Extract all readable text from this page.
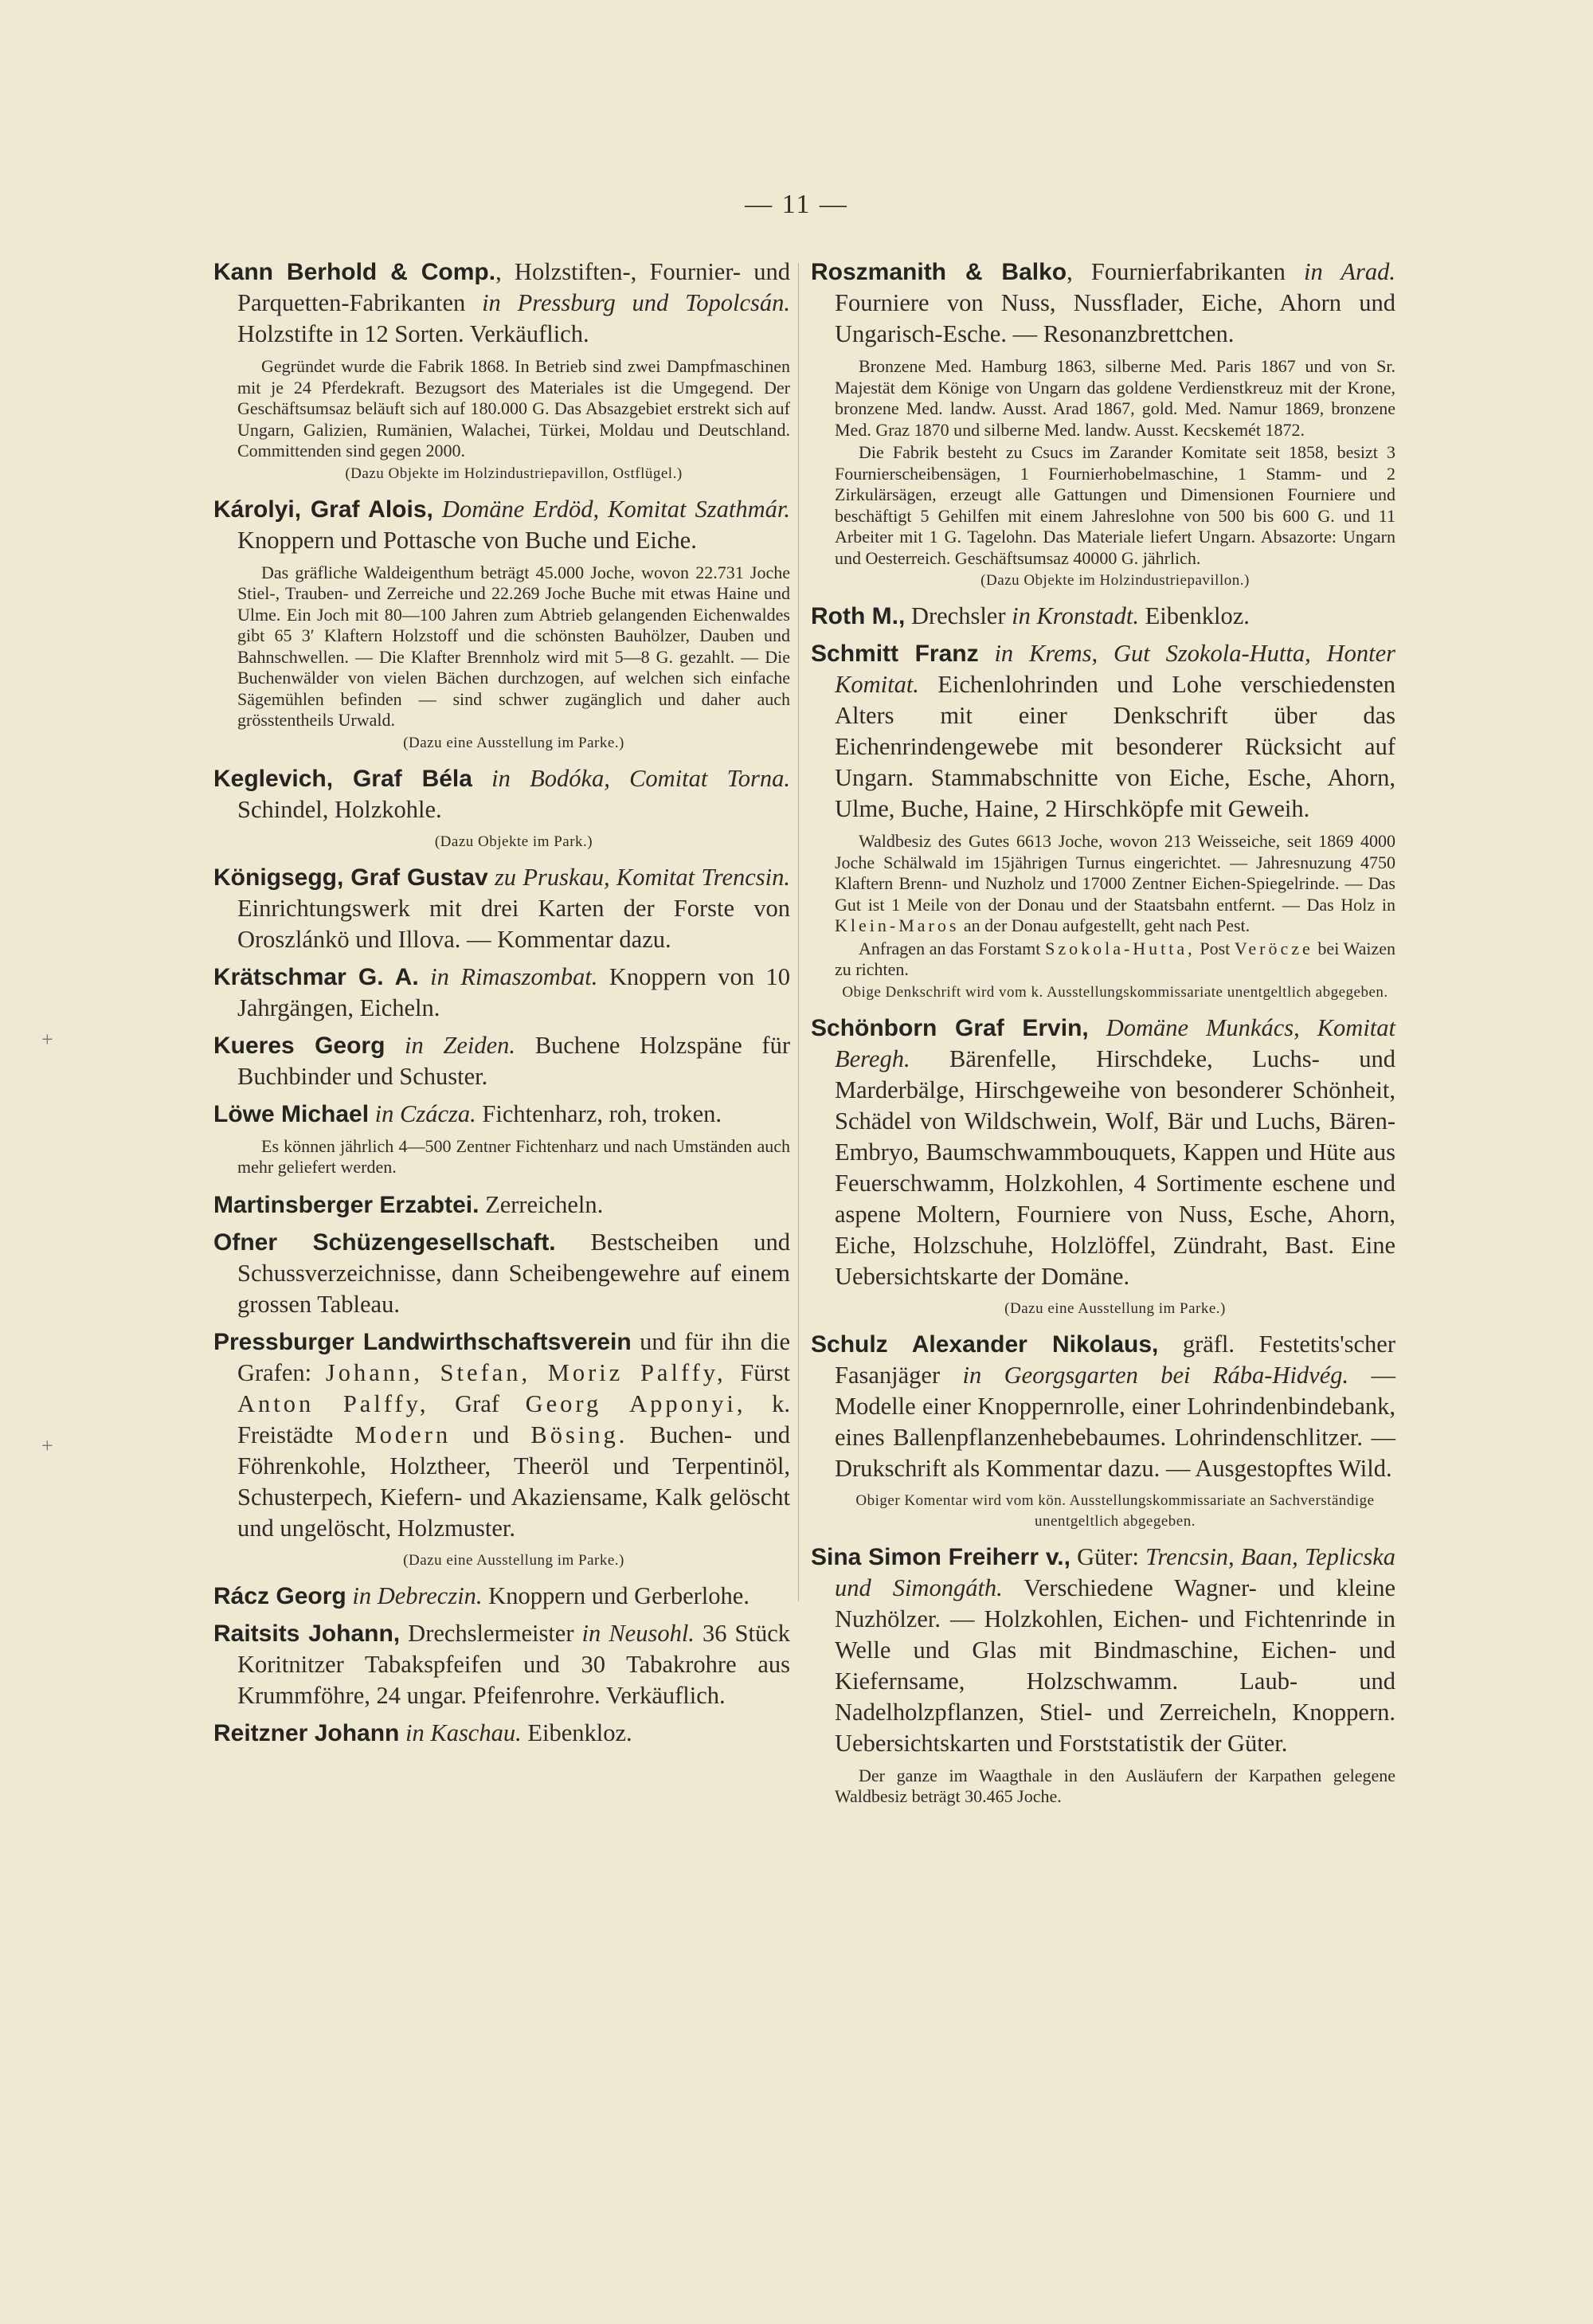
— 11 —
+
+

Kann Berhold & Comp., Holzstiften-, Fournier- und Parquetten-Fabrikanten in Pressburg und Topolcsán. Holzstifte in 12 Sorten. Verkäuflich.

Gegründet wurde die Fabrik 1868. In Betrieb sind zwei Dampfmaschinen mit je 24 Pferdekraft. Bezugsort des Materiales ist die Umgegend. Der Geschäftsumsaz beläuft sich auf 180.000 G. Das Absazgebiet erstrekt sich auf Ungarn, Galizien, Rumänien, Walachei, Türkei, Moldau und Deutschland. Committenden sind gegen 2000.

(Dazu Objekte im Holzindustriepavillon, Ostflügel.)

Károlyi, Graf Alois, Domäne Erdöd, Komitat Szathmár. Knoppern und Pottasche von Buche und Eiche.

Das gräfliche Waldeigenthum beträgt 45.000 Joche, wovon 22.731 Joche Stiel-, Trauben- und Zerreiche und 22.269 Joche Buche mit etwas Haine und Ulme. Ein Joch mit 80—100 Jahren zum Abtrieb gelangenden Eichenwaldes gibt 65 3′ Klaftern Holzstoff und die schönsten Bauhölzer, Dauben und Bahnschwellen. — Die Klafter Brennholz wird mit 5—8 G. gezahlt. — Die Buchenwälder von vielen Bächen durchzogen, auf welchen sich einfache Sägemühlen befinden — sind schwer zugänglich und daher auch grösstentheils Urwald.

(Dazu eine Ausstellung im Parke.)

Keglevich, Graf Béla in Bodóka, Comitat Torna. Schindel, Holzkohle.

(Dazu Objekte im Park.)

Königsegg, Graf Gustav zu Pruskau, Komitat Trencsin. Einrichtungswerk mit drei Karten der Forste von Oroszlánkö und Illova. — Kommentar dazu.

Krätschmar G. A. in Rimaszombat. Knoppern von 10 Jahrgängen, Eicheln.

Kueres Georg in Zeiden. Buchene Holzspäne für Buchbinder und Schuster.

Löwe Michael in Czácza. Fichtenharz, roh, troken.

Es können jährlich 4—500 Zentner Fichtenharz und nach Umständen auch mehr geliefert werden.

Martinsberger Erzabtei. Zerreicheln.

Ofner Schüzengesellschaft. Bestscheiben und Schussverzeichnisse, dann Scheibengewehre auf einem grossen Tableau.

Pressburger Landwirthschaftsverein und für ihn die Grafen: Johann, Stefan, Moriz Palffy, Fürst Anton Palffy, Graf Georg Apponyi, k. Freistädte Modern und Bösing. Buchen- und Föhrenkohle, Holztheer, Theeröl und Terpentinöl, Schusterpech, Kiefern- und Akaziensame, Kalk gelöscht und ungelöscht, Holzmuster.

(Dazu eine Ausstellung im Parke.)

Rácz Georg in Debreczin. Knoppern und Gerberlohe.

Raitsits Johann, Drechslermeister in Neusohl. 36 Stück Koritnitzer Tabakspfeifen und 30 Tabakrohre aus Krummföhre, 24 ungar. Pfeifenrohre. Verkäuflich.

Reitzner Johann in Kaschau. Eibenkloz.

Roszmanith & Balko, Fournierfabrikanten in Arad. Fourniere von Nuss, Nussflader, Eiche, Ahorn und Ungarisch-Esche. — Resonanzbrettchen.

Bronzene Med. Hamburg 1863, silberne Med. Paris 1867 und von Sr. Majestät dem Könige von Ungarn das goldene Verdienstkreuz mit der Krone, bronzene Med. landw. Ausst. Arad 1867, gold. Med. Namur 1869, bronzene Med. Graz 1870 und silberne Med. landw. Ausst. Kecskemét 1872.

Die Fabrik besteht zu Csucs im Zarander Komitate seit 1858, besizt 3 Fournierscheibensägen, 1 Fournierhobelmaschine, 1 Stamm- und 2 Zirkulärsägen, erzeugt alle Gattungen und Dimensionen Fourniere und beschäftigt 5 Gehilfen mit einem Jahreslohne von 500 bis 600 G. und 11 Arbeiter mit 1 G. Tagelohn. Das Materiale liefert Ungarn. Absazorte: Ungarn und Oesterreich. Geschäftsumsaz 40000 G. jährlich.

(Dazu Objekte im Holzindustriepavillon.)

Roth M., Drechsler in Kronstadt. Eibenkloz.

Schmitt Franz in Krems, Gut Szokola-Hutta, Honter Komitat. Eichenlohrinden und Lohe verschiedensten Alters mit einer Denkschrift über das Eichenrindengewebe mit besonderer Rücksicht auf Ungarn. Stammabschnitte von Eiche, Esche, Ahorn, Ulme, Buche, Haine, 2 Hirschköpfe mit Geweih.

Waldbesiz des Gutes 6613 Joche, wovon 213 Weisseiche, seit 1869 4000 Joche Schälwald im 15jährigen Turnus eingerichtet. — Jahresnuzung 4750 Klaftern Brenn- und Nuzholz und 17000 Zentner Eichen-Spiegelrinde. — Das Gut ist 1 Meile von der Donau und der Staatsbahn entfernt. — Das Holz in Klein-Maros an der Donau aufgestellt, geht nach Pest.

Anfragen an das Forstamt Szokola-Hutta, Post Veröcze bei Waizen zu richten.

Obige Denkschrift wird vom k. Ausstellungskommissariate unentgeltlich abgegeben.

Schönborn Graf Ervin, Domäne Munkács, Komitat Beregh. Bärenfelle, Hirschdeke, Luchs- und Marderbälge, Hirschgeweihe von besonderer Schönheit, Schädel von Wildschwein, Wolf, Bär und Luchs, Bären-Embryo, Baumschwammbouquets, Kappen und Hüte aus Feuerschwamm, Holzkohlen, 4 Sortimente eschene und aspene Moltern, Fourniere von Nuss, Esche, Ahorn, Eiche, Holzschuhe, Holzlöffel, Zündraht, Bast. Eine Uebersichtskarte der Domäne.

(Dazu eine Ausstellung im Parke.)

Schulz Alexander Nikolaus, gräfl. Festetits'scher Fasanjäger in Georgsgarten bei Rába-Hidvég. — Modelle einer Knoppernrolle, einer Lohrindenbindebank, eines Ballenpflanzenhebebaumes. Lohrindenschlitzer. — Drukschrift als Kommentar dazu. — Ausgestopftes Wild.

Obiger Komentar wird vom kön. Ausstellungskommissariate an Sachverständige unentgeltlich abgegeben.

Sina Simon Freiherr v., Güter: Trencsin, Baan, Teplicska und Simongáth. Verschiedene Wagner- und kleine Nuzhölzer. — Holzkohlen, Eichen- und Fichtenrinde in Welle und Glas mit Bindmaschine, Eichen- und Kiefernsame, Holzschwamm. Laub- und Nadelholzpflanzen, Stiel- und Zerreicheln, Knoppern. Uebersichtskarten und Forststatistik der Güter.

Der ganze im Waagthale in den Ausläufern der Karpathen gelegene Waldbesiz beträgt 30.465 Joche.
